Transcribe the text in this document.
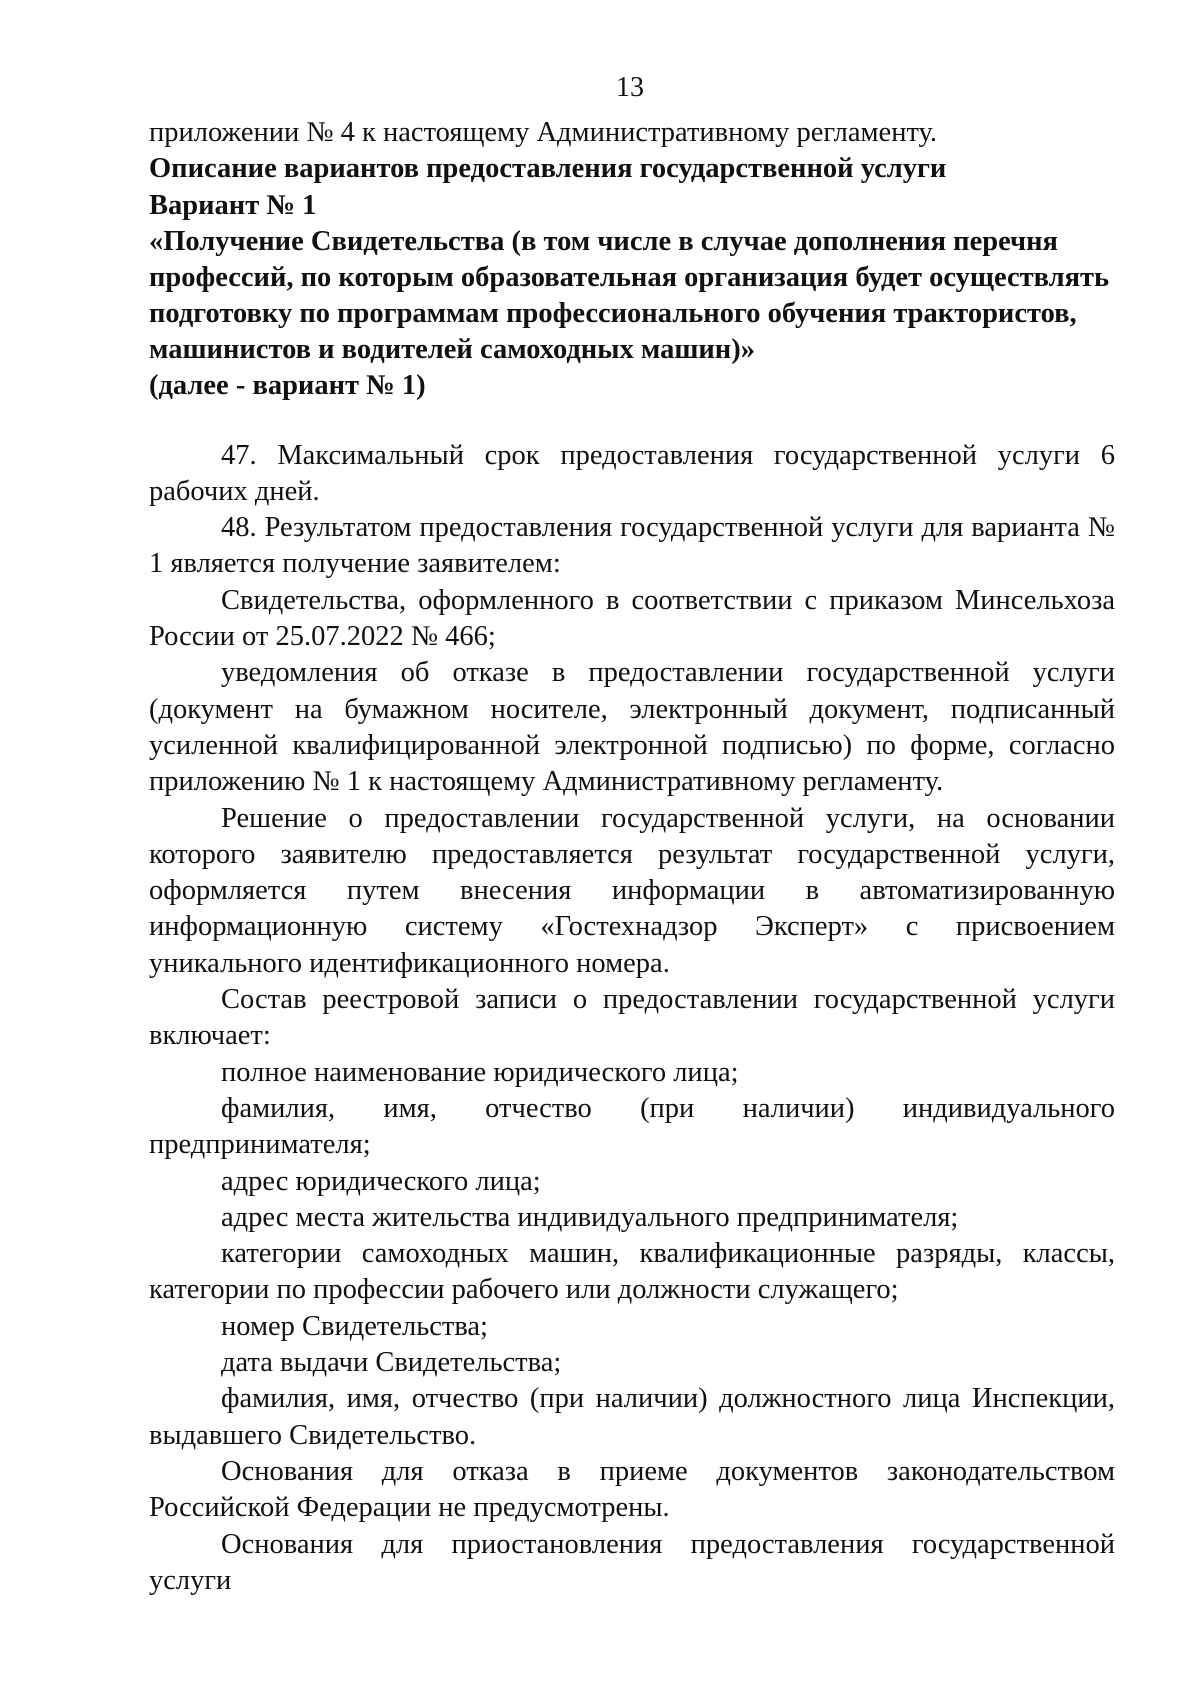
13

приложении № 4 к настоящему Административному регламенту.

Описание вариантов предоставления государственной услуги

Вариант № 1

«Получение Свидетельства (в том числе в случае дополнения перечня

профессий, по которым образовательная организация будет осуществлять

подготовку по программам профессионального обучения трактористов,

машинистов и водителей самоходных машин)»

(далее - вариант № 1)

47. Максимальный срок предоставления государственной услуги 6 рабочих дней.

48. Результатом предоставления государственной услуги для варианта № 1 является получение заявителем:

Свидетельства, оформленного в соответствии с приказом Минсельхоза России от 25.07.2022 № 466;

уведомления об отказе в предоставлении государственной услуги (документ на бумажном носителе, электронный документ, подписанный усиленной квалифицированной электронной подписью) по форме, согласно приложению № 1 к настоящему Административному регламенту.

Решение о предоставлении государственной услуги, на основании которого заявителю предоставляется результат государственной услуги, оформляется путем внесения информации в автоматизированную информационную систему «Гостехнадзор Эксперт» с присвоением уникального идентификационного номера.

Состав реестровой записи о предоставлении государственной услуги включает:

полное наименование юридического лица;

фамилия, имя, отчество (при наличии) индивидуального предпринимателя;

адрес юридического лица;

адрес места жительства индивидуального предпринимателя;

категории самоходных машин, квалификационные разряды, классы, категории по профессии рабочего или должности служащего;

номер Свидетельства;

дата выдачи Свидетельства;

фамилия, имя, отчество (при наличии) должностного лица Инспекции, выдавшего Свидетельство.

Основания для отказа в приеме документов законодательством Российской Федерации не предусмотрены.

Основания для приостановления предоставления государственной услуги
